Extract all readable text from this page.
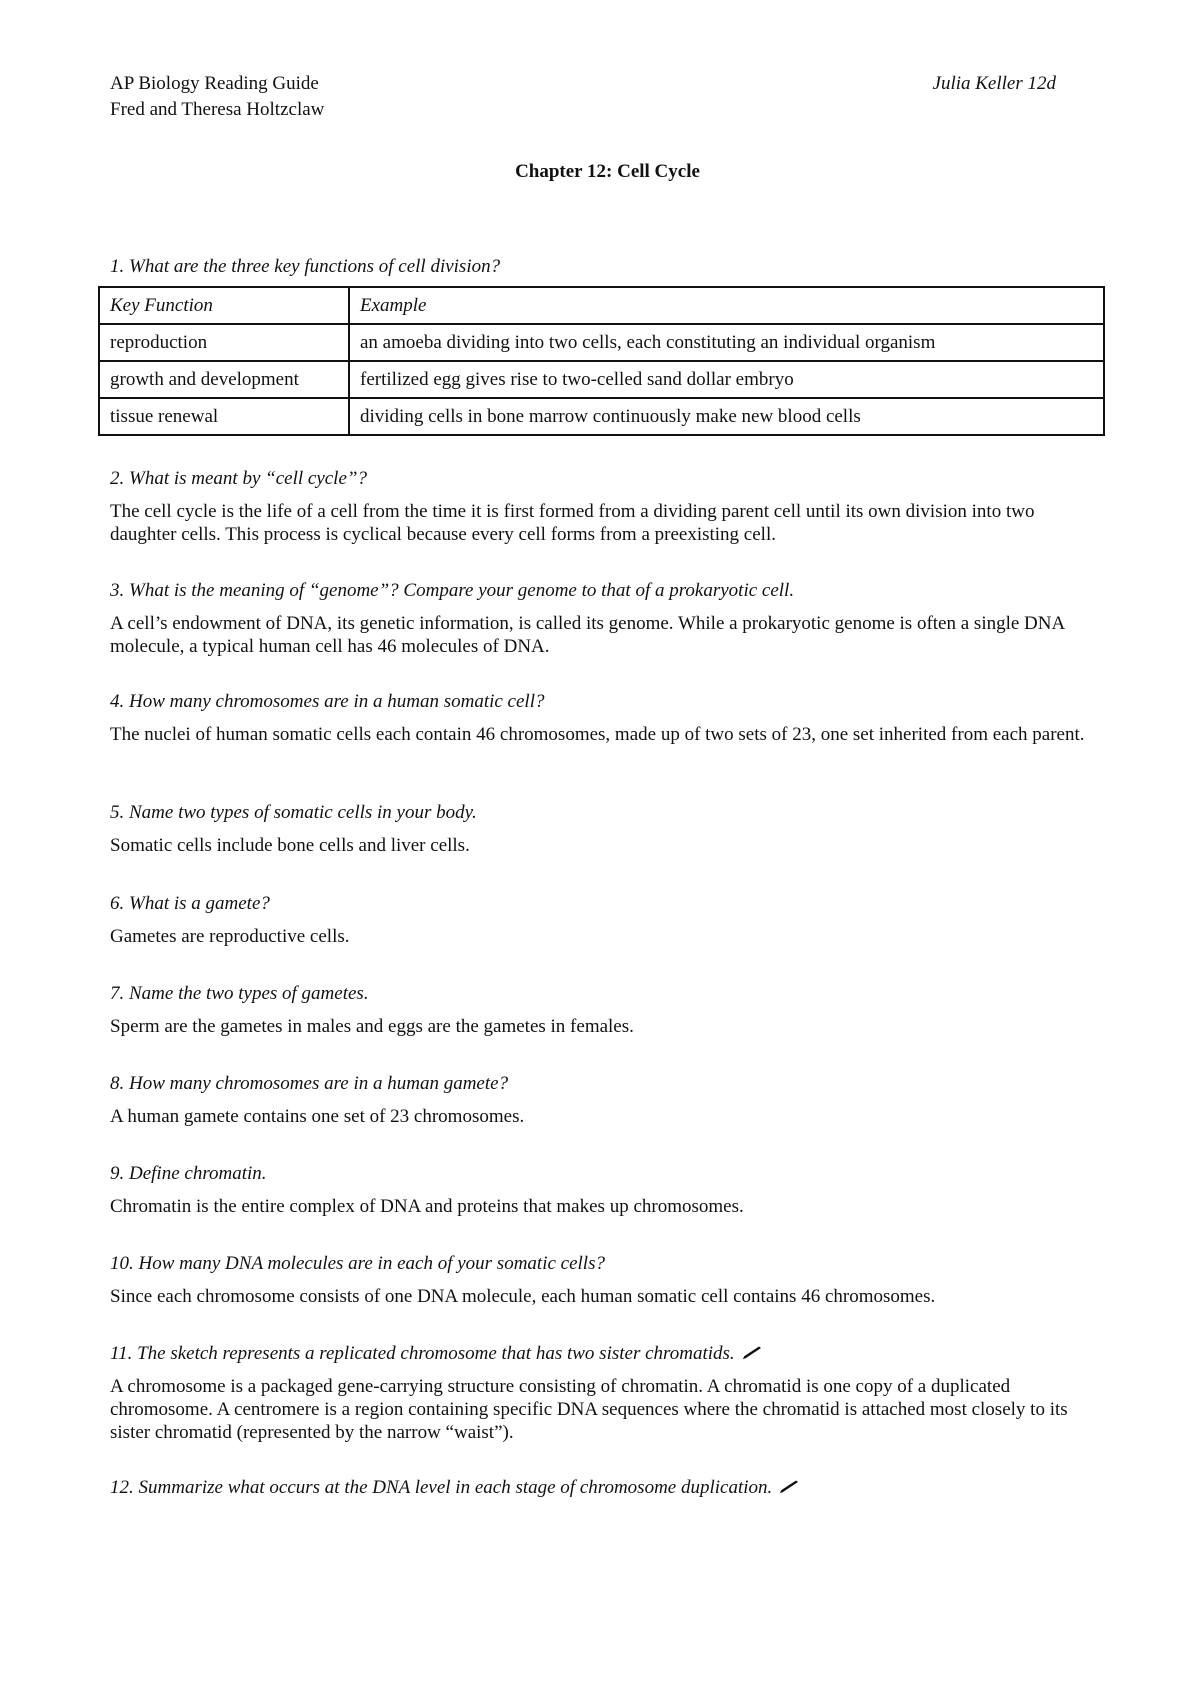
AP Biology Reading Guide
Fred and Theresa Holtzclaw
Julia Keller 12d
Chapter 12: Cell Cycle

1. What are the three key functions of cell division?

Key Function	Example
reproduction	an amoeba dividing into two cells, each constituting an individual organism
growth and development	fertilized egg gives rise to two-celled sand dollar embryo
tissue renewal	dividing cells in bone marrow continuously make new blood cells

2. What is meant by “cell cycle”?

The cell cycle is the life of a cell from the time it is first formed from a dividing parent cell until its own division into two daughter cells. This process is cyclical because every cell forms from a preexisting cell.

3. What is the meaning of “genome”? Compare your genome to that of a prokaryotic cell.

A cell’s endowment of DNA, its genetic information, is called its genome. While a prokaryotic genome is often a single DNA molecule, a typical human cell has 46 molecules of DNA.

4. How many chromosomes are in a human somatic cell?

The nuclei of human somatic cells each contain 46 chromosomes, made up of two sets of 23, one set inherited from each parent.

5. Name two types of somatic cells in your body.

Somatic cells include bone cells and liver cells.

6. What is a gamete?

Gametes are reproductive cells.

7. Name the two types of gametes.

Sperm are the gametes in males and eggs are the gametes in females.

8. How many chromosomes are in a human gamete?

A human gamete contains one set of 23 chromosomes.

9. Define chromatin.

Chromatin is the entire complex of DNA and proteins that makes up chromosomes.

10. How many DNA molecules are in each of your somatic cells?

Since each chromosome consists of one DNA molecule, each human somatic cell contains 46 chromosomes.

11. The sketch represents a replicated chromosome that has two sister chromatids.

A chromosome is a packaged gene-carrying structure consisting of chromatin. A chromatid is one copy of a duplicated chromosome. A centromere is a region containing specific DNA sequences where the chromatid is attached most closely to its sister chromatid (represented by the narrow “waist”).

12. Summarize what occurs at the DNA level in each stage of chromosome duplication.
